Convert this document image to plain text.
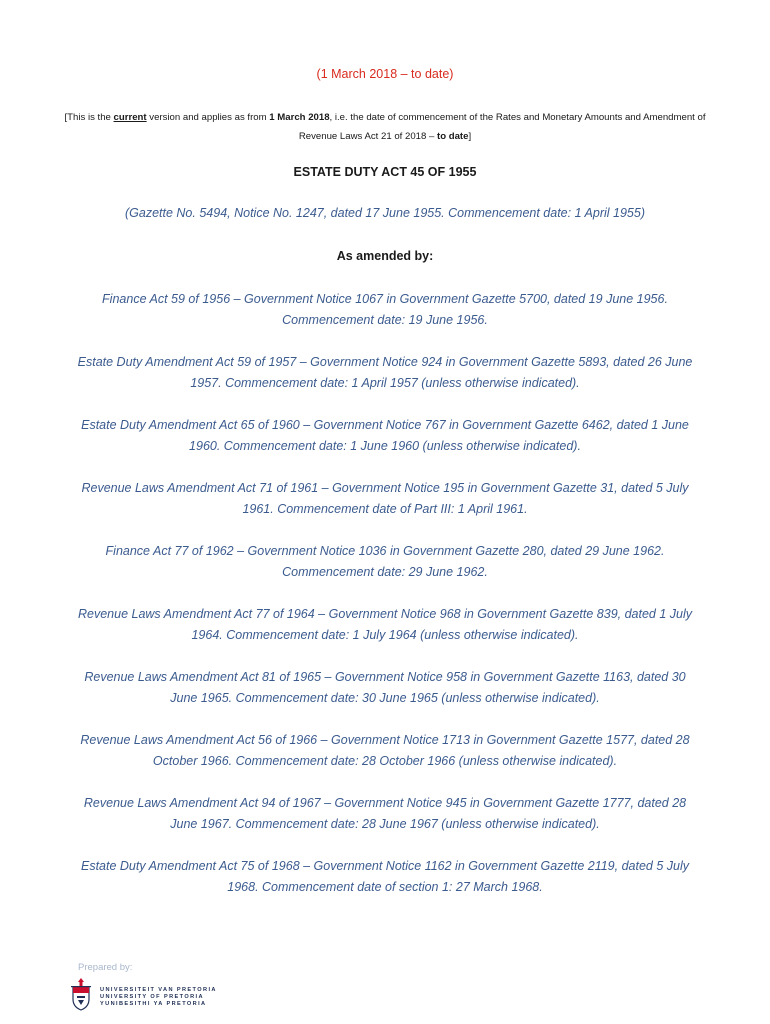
(1 March 2018 – to date)
[This is the current version and applies as from 1 March 2018, i.e. the date of commencement of the Rates and Monetary Amounts and Amendment of Revenue Laws Act 21 of 2018 – to date]
ESTATE DUTY ACT 45 OF 1955
(Gazette No. 5494, Notice No. 1247, dated 17 June 1955. Commencement date: 1 April 1955)
As amended by:
Finance Act 59 of 1956 – Government Notice 1067 in Government Gazette 5700, dated 19 June 1956. Commencement date: 19 June 1956.
Estate Duty Amendment Act 59 of 1957 – Government Notice 924 in Government Gazette 5893, dated 26 June 1957. Commencement date: 1 April 1957 (unless otherwise indicated).
Estate Duty Amendment Act 65 of 1960 – Government Notice 767 in Government Gazette 6462, dated 1 June 1960. Commencement date: 1 June 1960 (unless otherwise indicated).
Revenue Laws Amendment Act 71 of 1961 – Government Notice 195 in Government Gazette 31, dated 5 July 1961. Commencement date of Part III: 1 April 1961.
Finance Act 77 of 1962 – Government Notice 1036 in Government Gazette 280, dated 29 June 1962. Commencement date: 29 June 1962.
Revenue Laws Amendment Act 77 of 1964 – Government Notice 968 in Government Gazette 839, dated 1 July 1964. Commencement date: 1 July 1964 (unless otherwise indicated).
Revenue Laws Amendment Act 81 of 1965 – Government Notice 958 in Government Gazette 1163, dated 30 June 1965. Commencement date: 30 June 1965 (unless otherwise indicated).
Revenue Laws Amendment Act 56 of 1966 – Government Notice 1713 in Government Gazette 1577, dated 28 October 1966. Commencement date: 28 October 1966 (unless otherwise indicated).
Revenue Laws Amendment Act 94 of 1967 – Government Notice 945 in Government Gazette 1777, dated 28 June 1967. Commencement date: 28 June 1967 (unless otherwise indicated).
Estate Duty Amendment Act 75 of 1968 – Government Notice 1162 in Government Gazette 2119, dated 5 July 1968. Commencement date of section 1: 27 March 1968.
Prepared by:
UNIVERSITEIT VAN PRETORIA
UNIVERSITY OF PRETORIA
YUNIBESITHI YA PRETORIA
